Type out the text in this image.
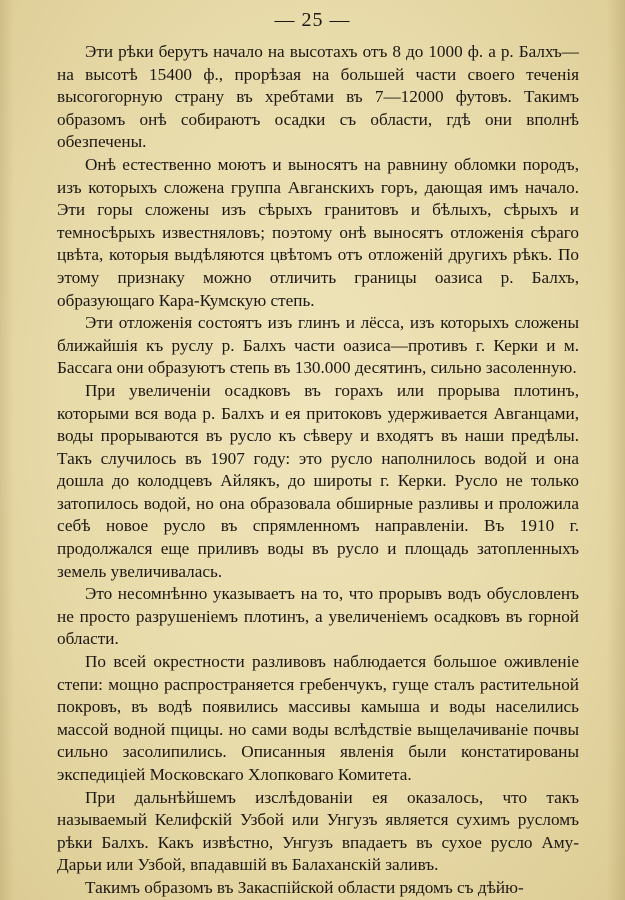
— 25 —

Эти рѣки берутъ начало на высотахъ отъ 8 до 1000 ф. а р. Балхъ—на высотѣ 15400 ф., прорѣзая на большей части своего теченія высогогорную страну въ хребтами въ 7—12000 футовъ. Такимъ образомъ онѣ собираютъ осадки съ области, гдѣ они вполнѣ обезпечены.

Онѣ естественно моютъ и выносятъ на равнину обломки породъ, изъ которыхъ сложена группа Авганскихъ горъ, дающая имъ начало. Эти горы сложены изъ сѣрыхъ гранитовъ и бѣлыхъ, сѣрыхъ и темносѣрыхъ известняловъ; поэтому онѣ выносятъ отложенія сѣраго цвѣта, которыя выдѣляются цвѣтомъ отъ отложеній другихъ рѣкъ. По этому признаку можно отличить границы оазиса р. Балхъ, образующаго Кара-Кумскую степь.

Эти отложенія состоятъ изъ глинъ и лёсса, изъ которыхъ сложены ближайшія къ руслу р. Балхъ части оазиса—противъ г. Керки и м. Бассага они образуютъ степь въ 130.000 десятинъ, сильно засоленную.

При увеличеніи осадковъ въ горахъ или прорыва плотинъ, которыми вся вода р. Балхъ и ея притоковъ удерживается Авганцами, воды прорываются въ русло къ сѣверу и входятъ въ наши предѣлы. Такъ случилось въ 1907 году: это русло наполнилось водой и она дошла до колодцевъ Айлякъ, до широты г. Керки. Русло не только затопилось водой, но она образовала обширные разливы и проложила себѣ новое русло въ спрямленномъ направленіи. Въ 1910 г. продолжался еще приливъ воды въ русло и площадь затопленныхъ земель увеличивалась.

Это несомнѣнно указываетъ на то, что прорывъ водъ обусловленъ не просто разрушеніемъ плотинъ, а увеличеніемъ осадковъ въ горной области.

По всей окрестности разливовъ наблюдается большое оживленіе степи: мощно распространяется гребенчукъ, гуще сталъ растительной покровъ, въ водѣ появились массивы камыша и воды населились массой водной пцицы. но сами воды вслѣдствіе выщелачиваніе почвы сильно засолипились. Описанныя явленія были констатированы экспедиціей Московскаго Хлопковаго Комитета.

При дальнѣйшемъ изслѣдованіи ея оказалось, что такъ называемый Келифскій Узбой или Унгузъ является сухимъ русломъ рѣки Балхъ. Какъ извѣстно, Унгузъ впадаетъ въ сухое русло Аму-Дарьи или Узбой, впадавшій въ Балаханскій заливъ.

Такимъ образомъ въ Закаспійской области рядомъ съ дѣйю-
